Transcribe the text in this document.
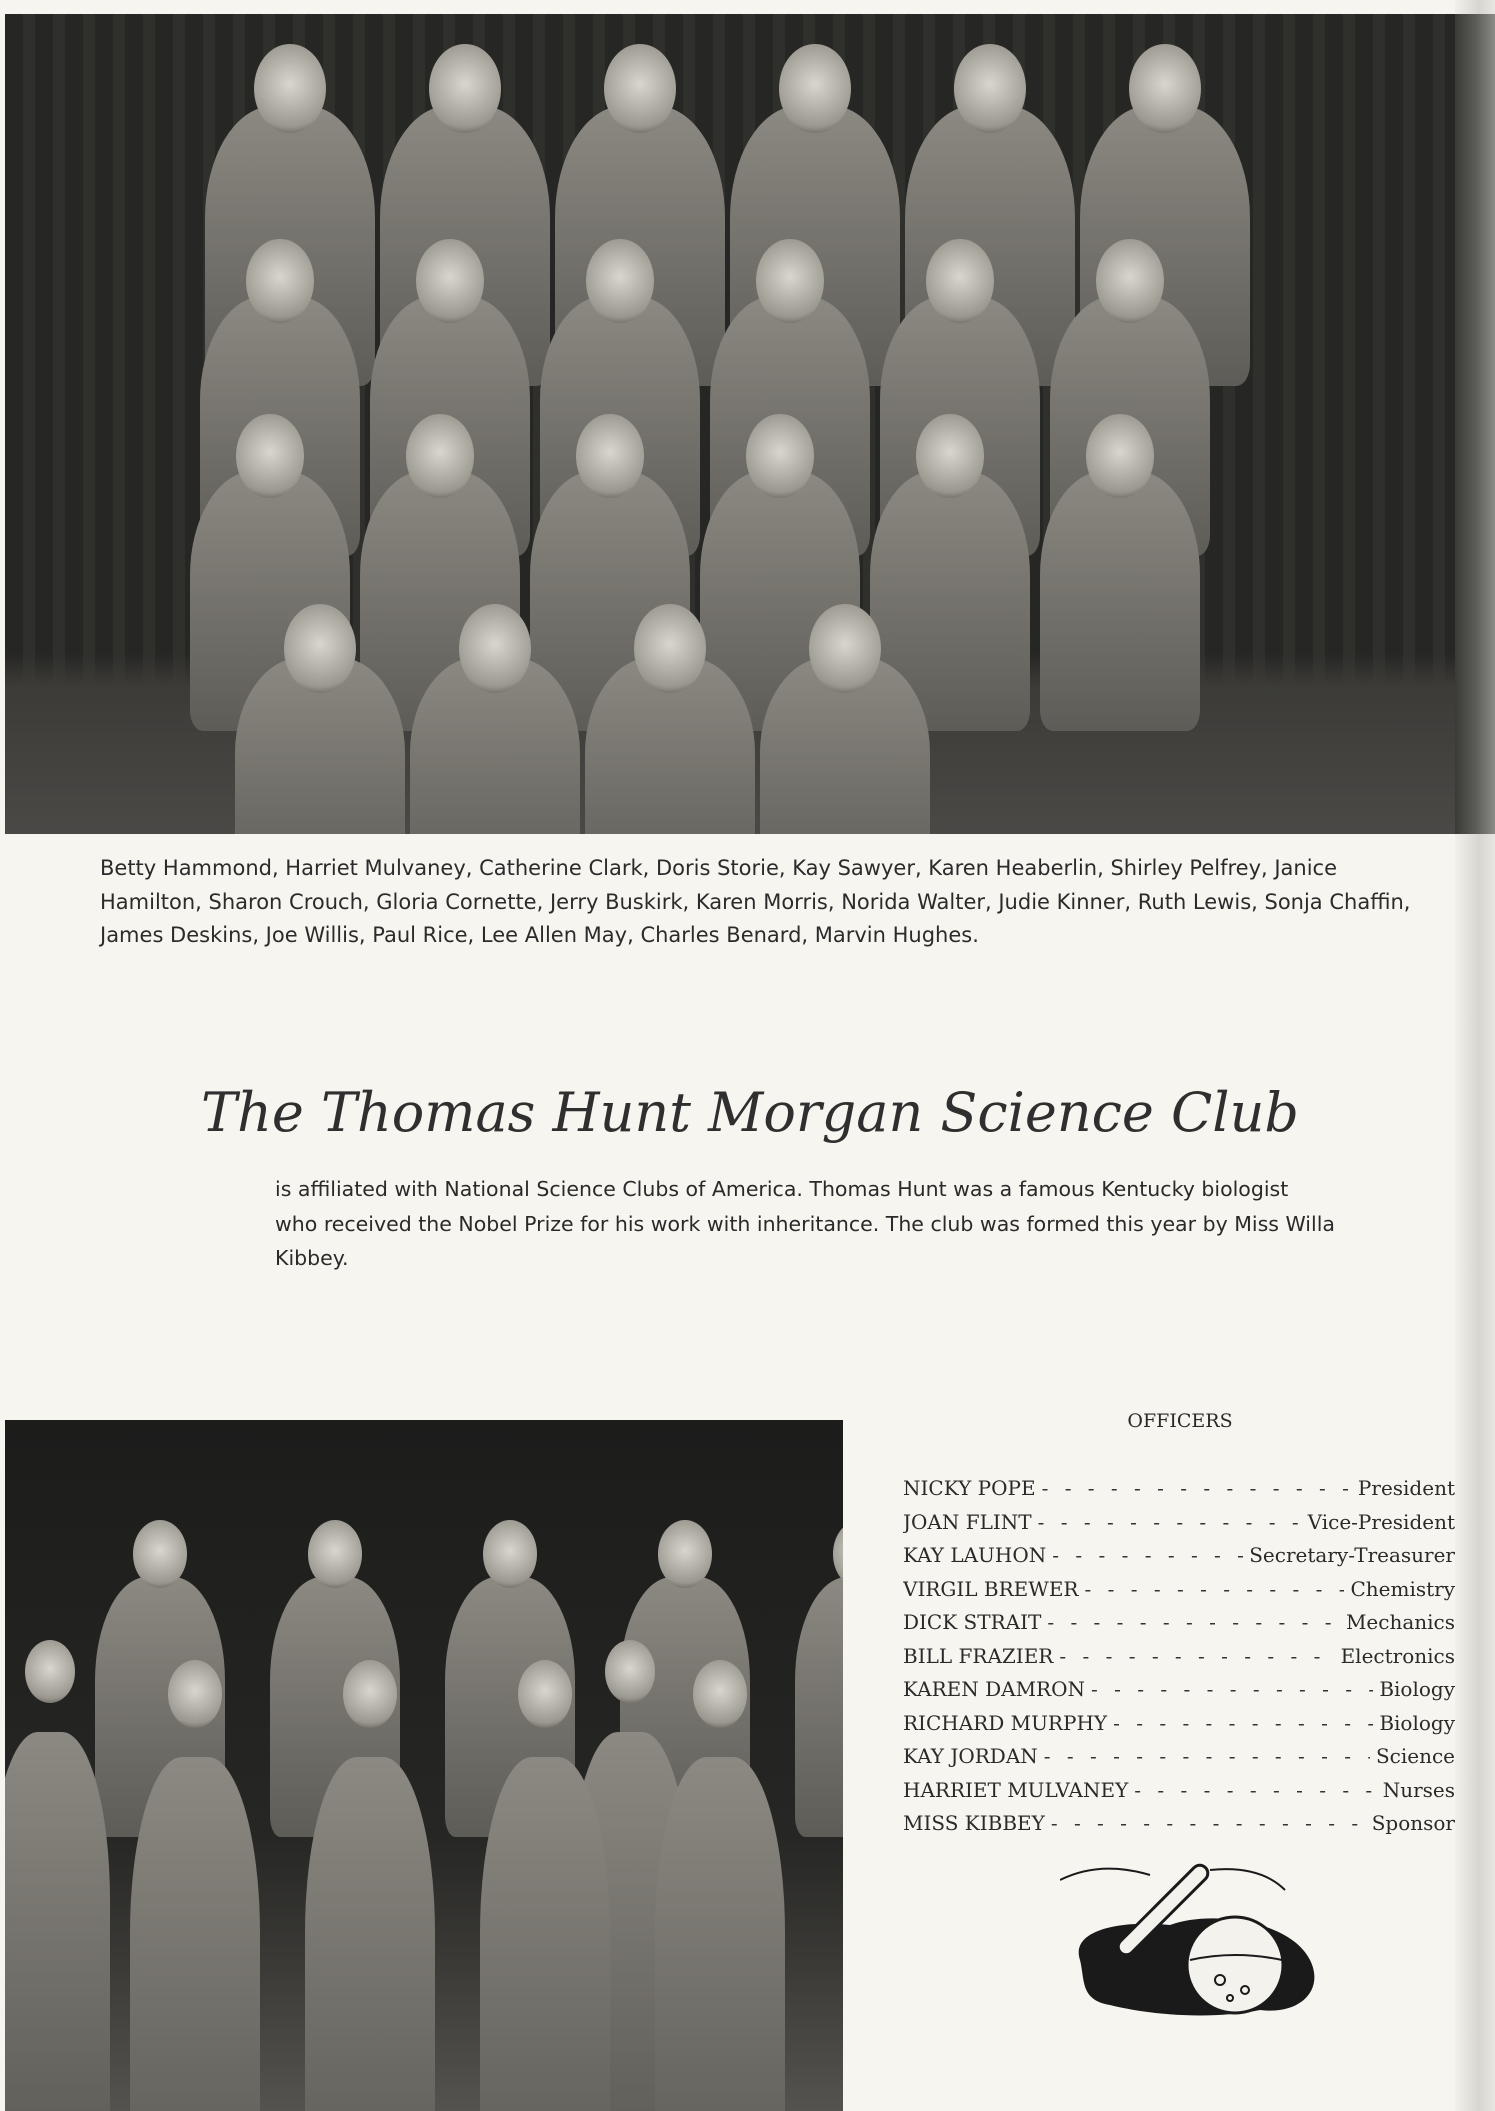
Betty Hammond, Harriet Mulvaney, Catherine Clark, Doris Storie, Kay Sawyer, Karen Heaberlin, Shirley Pelfrey, Janice Hamilton, Sharon Crouch, Gloria Cornette, Jerry Buskirk, Karen Morris, Norida Walter, Judie Kinner, Ruth Lewis, Sonja Chaffin, James Deskins, Joe Willis, Paul Rice, Lee Allen May, Charles Benard, Marvin Hughes.
The Thomas Hunt Morgan Science Club
is affiliated with National Science Clubs of America. Thomas Hunt was a famous Kentucky biologist who received the Nobel Prize for his work with inheritance. The club was formed this year by Miss Willa Kibbey.
OFFICERS
NICKY POPE - - -	President
JOAN FLINT - - -	Vice-President
KAY LAUHON - - -	Secretary-Treasurer
VIRGIL BREWER - - -	Chemistry
DICK STRAIT - - -	Mechanics
BILL FRAZIER - - -	Electronics
KAREN DAMRON - - -	Biology
RICHARD MURPHY - - -	Biology
KAY JORDAN - - -	Science
HARRIET MULVANEY - - -	Nurses
MISS KIBBEY - - -	Sponsor
